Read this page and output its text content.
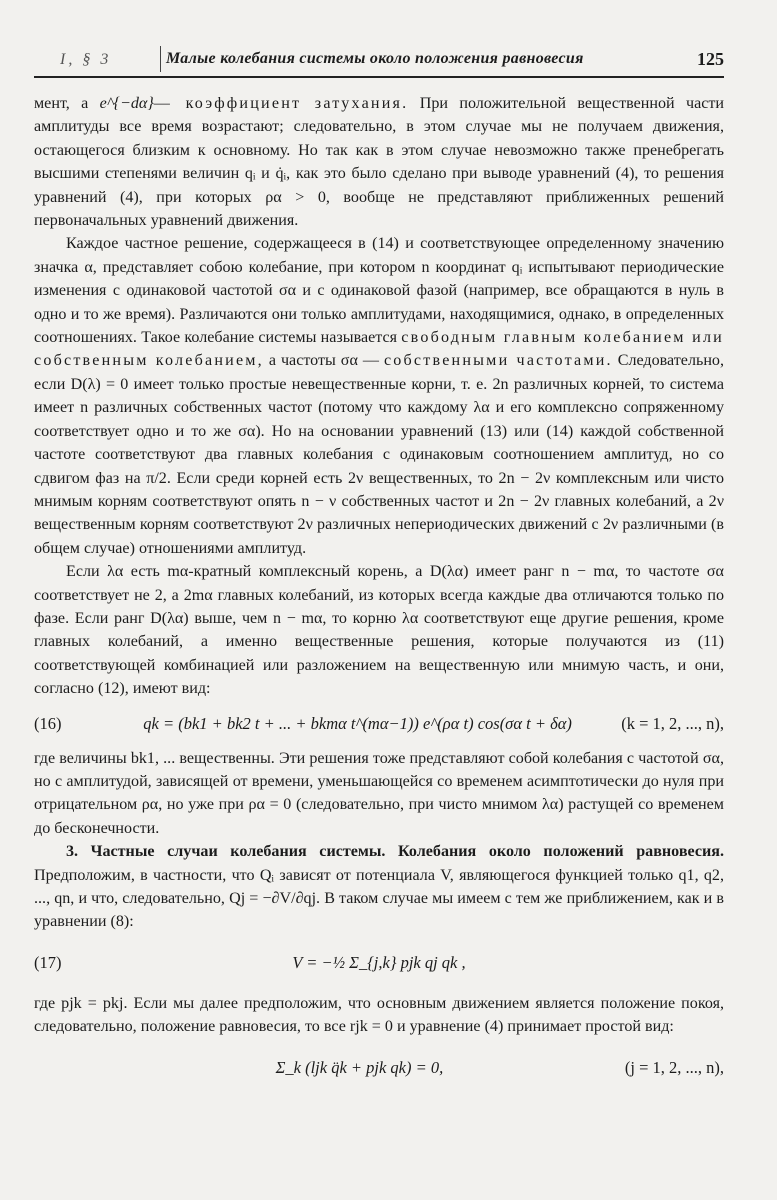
I, § 3	Малые колебания системы около положения равновесия	125

мент, а e^{−dα}— коэффициент затухания. При положительной вещественной части амплитуды все время возрастают; следовательно, в этом случае мы не получаем движения, остающегося близким к основному. Но так как в этом случае невозможно также пренебрегать высшими степенями величин qᵢ и q̇ᵢ, как это было сделано при выводе уравнений (4), то решения уравнений (4), при которых ρα > 0, вообще не представляют приближенных решений первоначальных уравнений движения.

Каждое частное решение, содержащееся в (14) и соответствующее определенному значению значка α, представляет собою колебание, при котором n координат qᵢ испытывают периодические изменения с одинаковой частотой σα и с одинаковой фазой (например, все обращаются в нуль в одно и то же время). Различаются они только амплитудами, находящимися, однако, в определенных соотношениях. Такое колебание системы называется свободным главным колебанием или собственным колебанием, а частоты σα — собственными частотами. Следовательно, если D(λ) = 0 имеет только простые невещественные корни, т. е. 2n различных корней, то система имеет n различных собственных частот (потому что каждому λα и его комплексно сопряженному соответствует одно и то же σα). Но на основании уравнений (13) или (14) каждой собственной частоте соответствуют два главных колебания с одинаковым соотношением амплитуд, но со сдвигом фаз на π/2. Если среди корней есть 2ν вещественных, то 2n − 2ν комплексным или чисто мнимым корням соответствуют опять n − ν собственных частот и 2n − 2ν главных колебаний, а 2ν вещественным корням соответствуют 2ν различных непериодических движений с 2ν различными (в общем случае) отношениями амплитуд.

Если λα есть mα-кратный комплексный корень, а D(λα) имеет ранг n − mα, то частоте σα соответствует не 2, а 2mα главных колебаний, из которых всегда каждые два отличаются только по фазе. Если ранг D(λα) выше, чем n − mα, то корню λα соответствуют еще другие решения, кроме главных колебаний, а именно вещественные решения, которые получаются из (11) соответствующей комбинацией или разложением на вещественную или мнимую часть, и они, согласно (12), имеют вид:

(16)	qk = (bk1 + bk2 t + ... + bkmα t^(mα−1)) e^(ρα t) cos(σα t + δα)	(k = 1, 2, ..., n),

где величины bk1, ... вещественны. Эти решения тоже представляют собой колебания с частотой σα, но с амплитудой, зависящей от времени, уменьшающейся со временем асимптотически до нуля при отрицательном ρα, но уже при ρα = 0 (следовательно, при чисто мнимом λα) растущей со временем до бесконечности.

3. Частные случаи колебания системы. Колебания около положений равновесия. Предположим, в частности, что Qᵢ зависят от потенциала V, являющегося функцией только q1, q2, ..., qn, и что, следовательно, Qj = −∂V/∂qj. В таком случае мы имеем с тем же приближением, как и в уравнении (8):

(17)	V = −½ Σ_{j,k} pjk qj qk ,

где pjk = pkj. Если мы далее предположим, что основным движением является положение покоя, следовательно, положение равновесия, то все rjk = 0 и уравнение (4) принимает простой вид:

Σ_k (ljk q̈k + pjk qk) = 0,	(j = 1, 2, ..., n),
